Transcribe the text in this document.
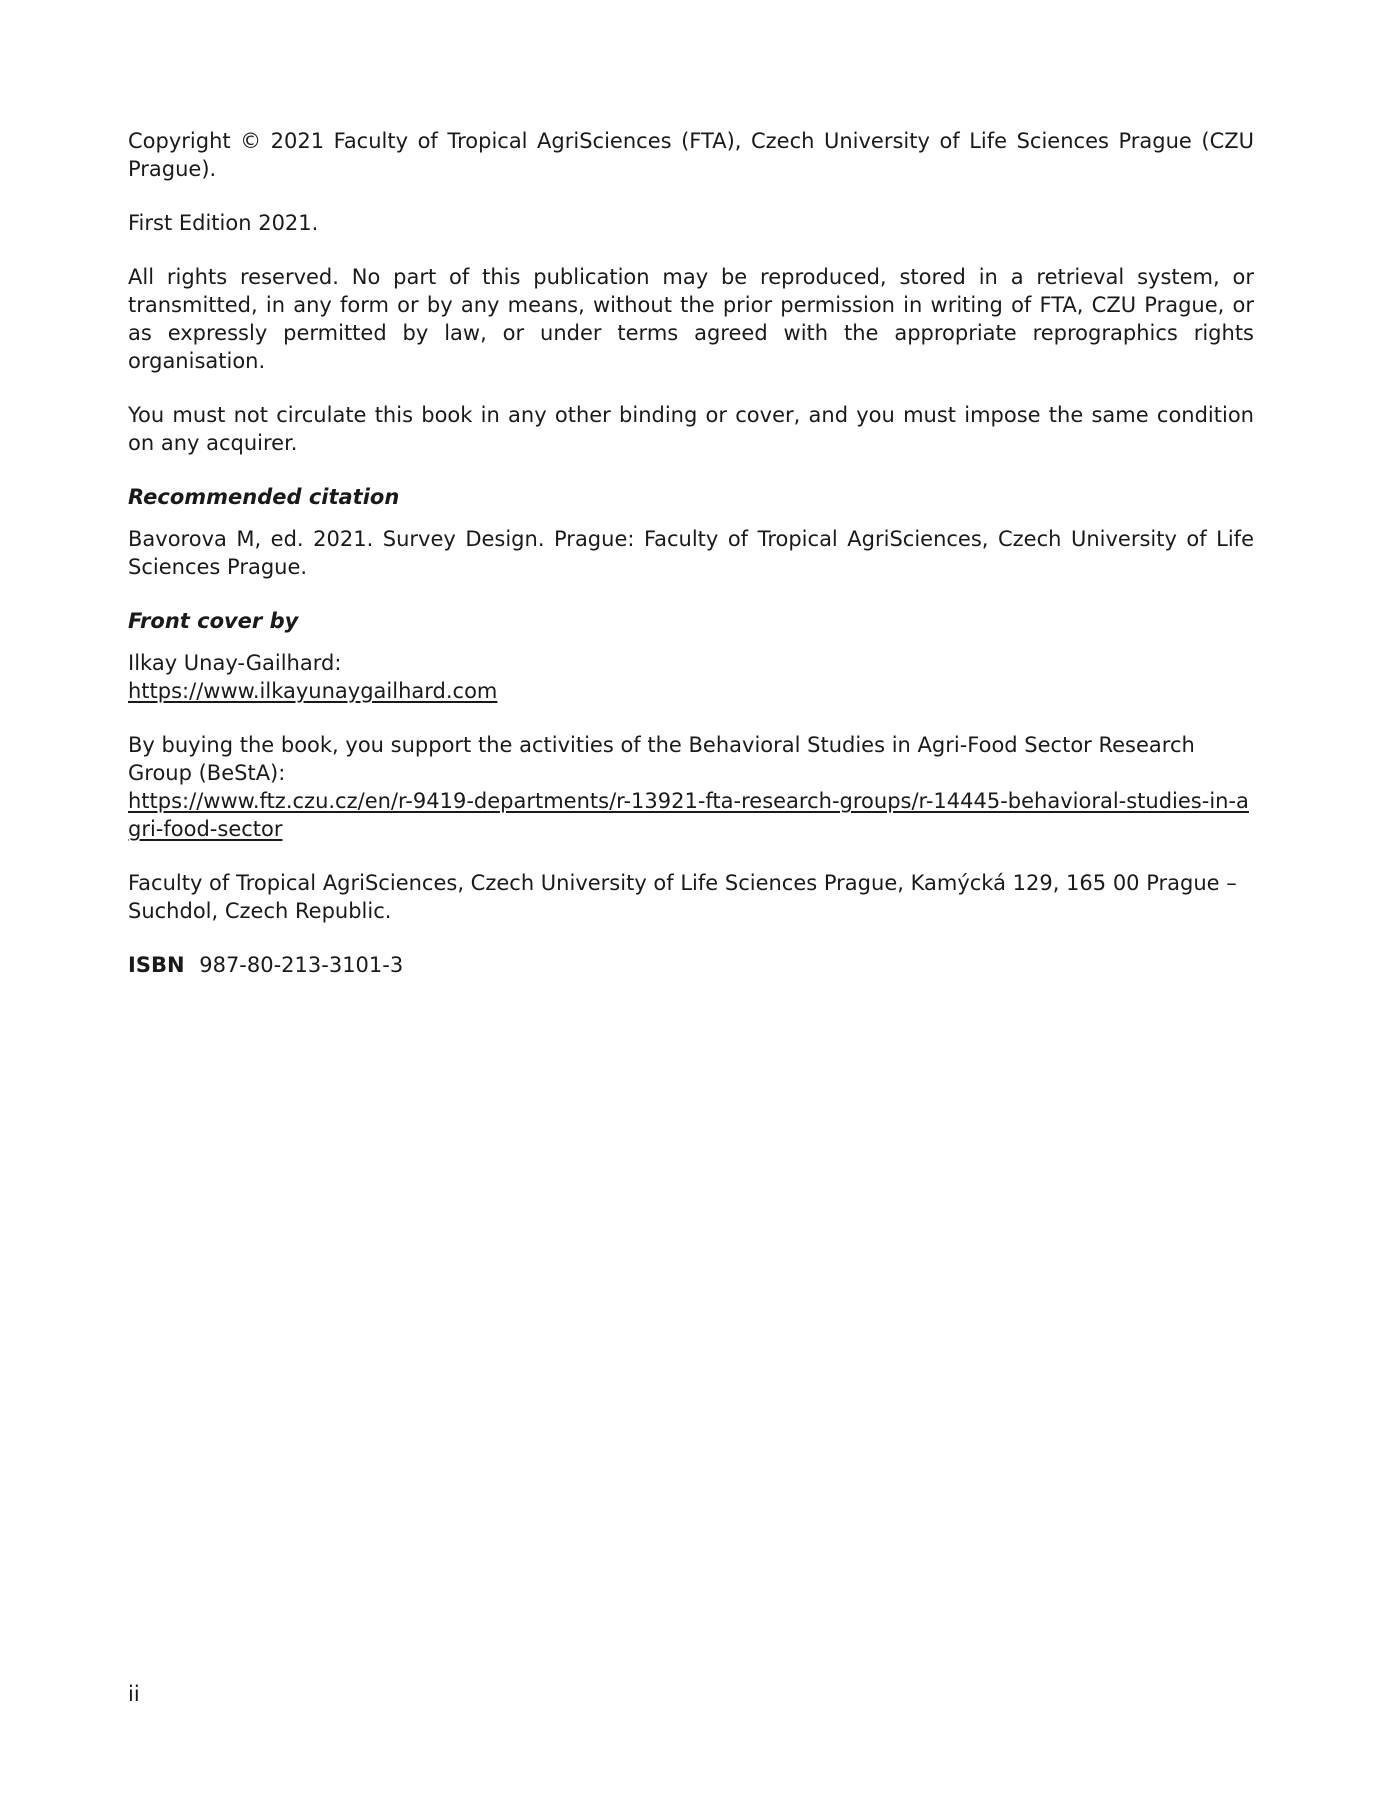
Copyright © 2021 Faculty of Tropical AgriSciences (FTA), Czech University of Life Sciences Prague (CZU Prague).

First Edition 2021.

All rights reserved. No part of this publication may be reproduced, stored in a retrieval system, or transmitted, in any form or by any means, without the prior permission in writing of FTA, CZU Prague, or as expressly permitted by law, or under terms agreed with the appropriate reprographics rights organisation.

You must not circulate this book in any other binding or cover, and you must impose the same condition on any acquirer.

Recommended citation

Bavorova M, ed. 2021. Survey Design. Prague: Faculty of Tropical AgriSciences, Czech University of Life Sciences Prague.

Front cover by

Ilkay Unay-Gailhard:
https://www.ilkayunaygailhard.com

By buying the book, you support the activities of the Behavioral Studies in Agri-Food Sector Research Group (BeStA):
https://www.ftz.czu.cz/en/r-9419-departments/r-13921-fta-research-groups/r-14445-behavioral-studies-in-agri-food-sector

Faculty of Tropical AgriSciences, Czech University of Life Sciences Prague, Kamýcká 129, 165 00 Prague – Suchdol, Czech Republic.

ISBN 987-80-213-3101-3

ii
